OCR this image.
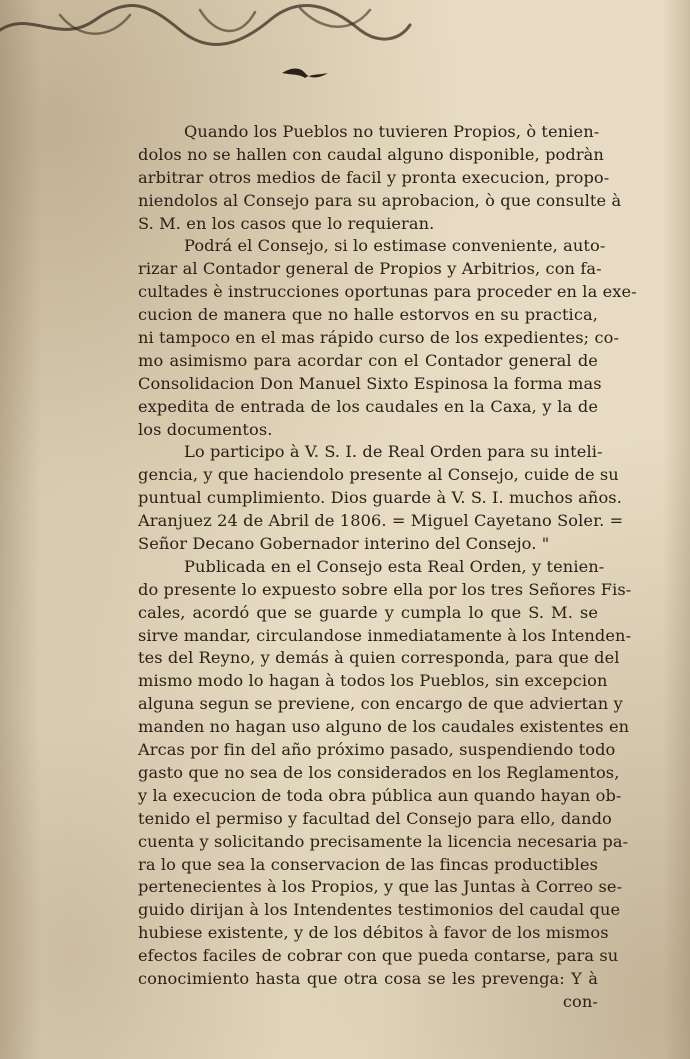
Quando los Pueblos no tuvieren Propios, ò tenien-
dolos no se hallen con caudal alguno disponible, podràn
arbitrar otros medios de facil y pronta execucion, propo-
niendolos al Consejo para su aprobacion, ò que consulte à
S. M. en los casos que lo requieran.
Podrá el Consejo, si lo estimase conveniente, auto-
rizar al Contador general de Propios y Arbitrios, con fa-
cultades è instrucciones oportunas para proceder en la exe-
cucion de manera que no halle estorvos en su practica,
ni tampoco en el mas rápido curso de los expedientes; co-
mo asimismo para acordar con el Contador general de
Consolidacion Don Manuel Sixto Espinosa la forma mas
expedita de entrada de los caudales en la Caxa, y la de
los documentos.
Lo participo à V. S. I. de Real Orden para su inteli-
gencia, y que haciendolo presente al Consejo, cuide de su
puntual cumplimiento. Dios guarde à V. S. I. muchos años.
Aranjuez 24 de Abril de 1806. = Miguel Cayetano Soler. =
Señor Decano Gobernador interino del Consejo. "
Publicada en el Consejo esta Real Orden, y tenien-
do presente lo expuesto sobre ella por los tres Señores Fis-
cales, acordó que se guarde y cumpla lo que S. M. se
sirve mandar, circulandose inmediatamente à los Intenden-
tes del Reyno, y demás à quien corresponda, para que del
mismo modo lo hagan à todos los Pueblos, sin excepcion
alguna segun se previene, con encargo de que adviertan y
manden no hagan uso alguno de los caudales existentes en
Arcas por fin del año próximo pasado, suspendiendo todo
gasto que no sea de los considerados en los Reglamentos,
y la execucion de toda obra pública aun quando hayan ob-
tenido el permiso y facultad del Consejo para ello, dando
cuenta y solicitando precisamente la licencia necesaria pa-
ra lo que sea la conservacion de las fincas productibles
pertenecientes à los Propios, y que las Juntas à Correo se-
guido dirijan à los Intendentes testimonios del caudal que
hubiese existente, y de los débitos à favor de los mismos
efectos faciles de cobrar con que pueda contarse, para su
conocimiento hasta que otra cosa se les prevenga: Y à
con-
